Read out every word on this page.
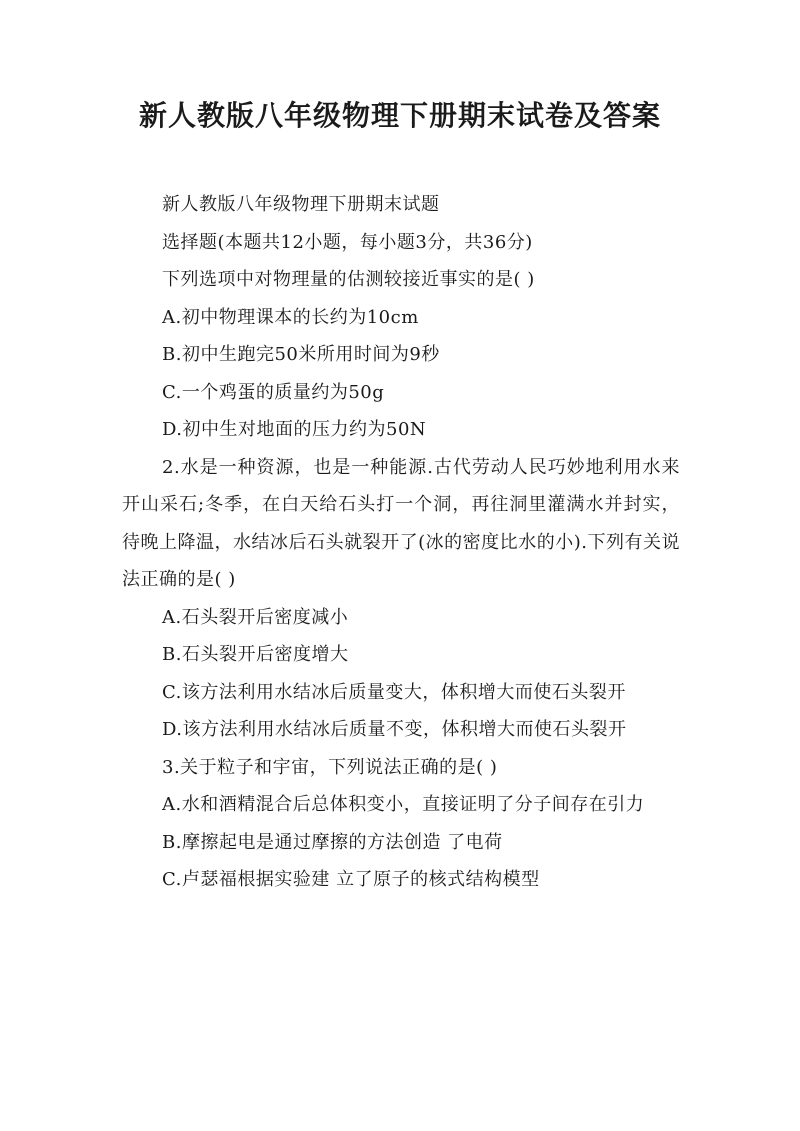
新人教版八年级物理下册期末试卷及答案

新人教版八年级物理下册期末试题

选择题(本题共12小题，每小题3分，共36分)

下列选项中对物理量的估测较接近事实的是( )

A.初中物理课本的长约为10cm

B.初中生跑完50米所用时间为9秒

C.一个鸡蛋的质量约为50g

D.初中生对地面的压力约为50N

2.水是一种资源，也是一种能源.古代劳动人民巧妙地利用水来开山采石;冬季，在白天给石头打一个洞，再往洞里灌满水并封实，待晚上降温，水结冰后石头就裂开了(冰的密度比水的小).下列有关说法正确的是( )

A.石头裂开后密度减小

B.石头裂开后密度增大

C.该方法利用水结冰后质量变大，体积增大而使石头裂开

D.该方法利用水结冰后质量不变，体积增大而使石头裂开

3.关于粒子和宇宙，下列说法正确的是( )

A.水和酒精混合后总体积变小，直接证明了分子间存在引力

B.摩擦起电是通过摩擦的方法创造 了电荷

C.卢瑟福根据实验建 立了原子的核式结构模型
